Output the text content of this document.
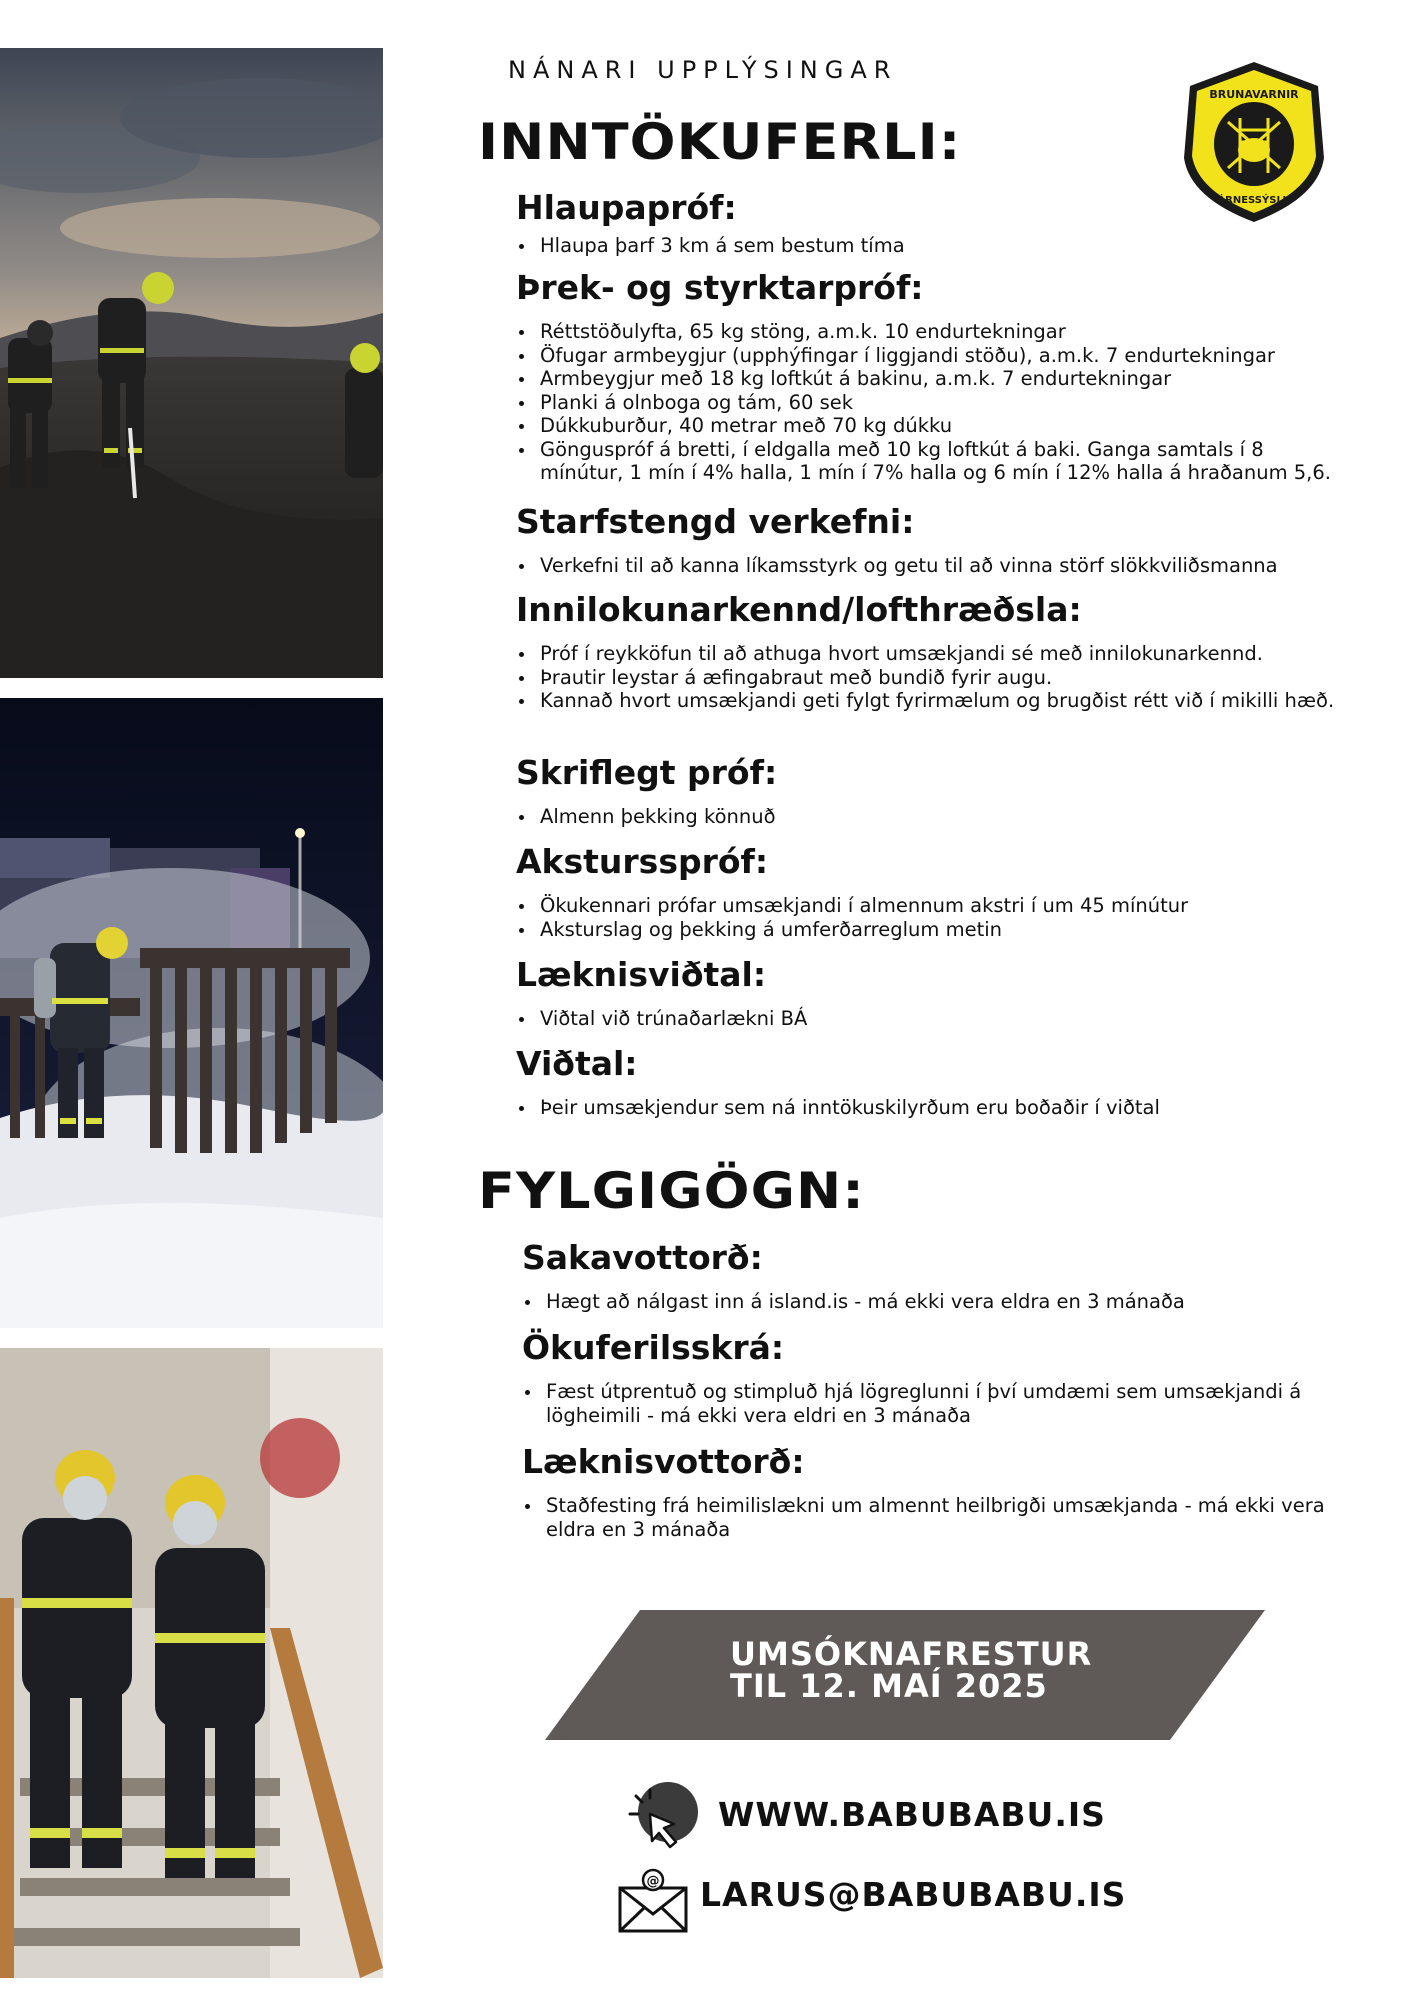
NÁNARI UPPLÝSINGAR
INNTÖKUFERLI:
BRUNAVARNIR
ÁRNESSÝSLU
Hlaupapróf:
• Hlaupa þarf 3 km á sem bestum tíma
Þrek- og styrktarpróf:
• Réttstöðulyfta, 65 kg stöng, a.m.k. 10 endurtekningar
• Öfugar armbeygjur (upphýfingar í liggjandi stöðu), a.m.k. 7 endurtekningar
• Armbeygjur með 18 kg loftkút á bakinu, a.m.k. 7 endurtekningar
• Planki á olnboga og tám, 60 sek
• Dúkkuburður, 40 metrar með 70 kg dúkku
• Gönguspróf á bretti, í eldgalla með 10 kg loftkút á baki. Ganga samtals í 8 mínútur, 1 mín í 4% halla, 1 mín í 7% halla og 6 mín í 12% halla á hraðanum 5,6.
Starfstengd verkefni:
• Verkefni til að kanna líkamsstyrk og getu til að vinna störf slökkviliðsmanna
Innilokunarkennd/lofthræðsla:
• Próf í reykköfun til að athuga hvort umsækjandi sé með innilokunarkennd.
• Þrautir leystar á æfingabraut með bundið fyrir augu.
• Kannað hvort umsækjandi geti fylgt fyrirmælum og brugðist rétt við í mikilli hæð.
Skriflegt próf:
• Almenn þekking könnuð
Akstursspróf:
• Ökukennari prófar umsækjandi í almennum akstri í um 45 mínútur
• Aksturslag og þekking á umferðarreglum metin
Læknisviðtal:
• Viðtal við trúnaðarlækni BÁ
Viðtal:
• Þeir umsækjendur sem ná inntökuskilyrðum eru boðaðir í viðtal
FYLGIGÖGN:
Sakavottorð:
• Hægt að nálgast inn á island.is - má ekki vera eldra en 3 mánaða
Ökuferilsskrá:
• Fæst útprentuð og stimpluð hjá lögreglunni í því umdæmi sem umsækjandi á lögheimili - má ekki vera eldri en 3 mánaða
Læknisvottorð:
• Staðfesting frá heimilislækni um almennt heilbrigði umsækjanda - má ekki vera eldra en 3 mánaða
UMSÓKNAFRESTUR
TIL 12. MAÍ 2025
WWW.BABUBABU.IS
@ LARUS@BABUBABU.IS
